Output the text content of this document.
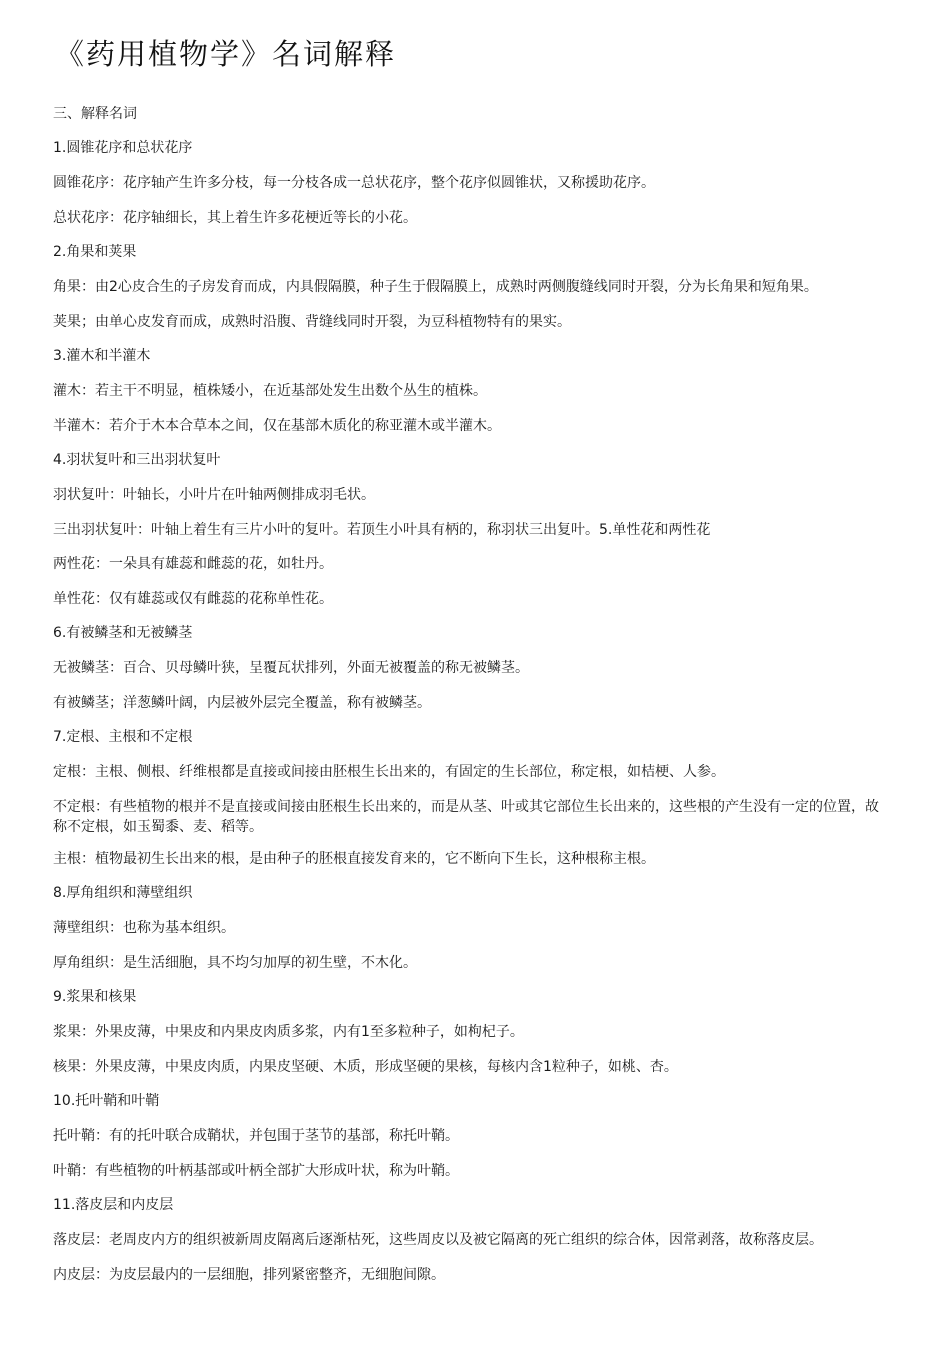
《药用植物学》名词解释

三、解释名词

1.圆锥花序和总状花序

圆锥花序：花序轴产生许多分枝，每一分枝各成一总状花序，整个花序似圆锥状，又称援助花序。

总状花序：花序轴细长，其上着生许多花梗近等长的小花。

2.角果和荚果

角果：由2心皮合生的子房发育而成，内具假隔膜，种子生于假隔膜上，成熟时两侧腹缝线同时开裂，分为长角果和短角果。

荚果；由单心皮发育而成，成熟时沿腹、背缝线同时开裂，为豆科植物特有的果实。

3.灌木和半灌木

灌木：若主干不明显，植株矮小，在近基部处发生出数个丛生的植株。

半灌木：若介于木本合草本之间，仅在基部木质化的称亚灌木或半灌木。

4.羽状复叶和三出羽状复叶

羽状复叶：叶轴长，小叶片在叶轴两侧排成羽毛状。

三出羽状复叶：叶轴上着生有三片小叶的复叶。若顶生小叶具有柄的，称羽状三出复叶。5.单性花和两性花

两性花：一朵具有雄蕊和雌蕊的花，如牡丹。

单性花：仅有雄蕊或仅有雌蕊的花称单性花。

6.有被鳞茎和无被鳞茎

无被鳞茎：百合、贝母鳞叶狭，呈覆瓦状排列，外面无被覆盖的称无被鳞茎。

有被鳞茎；洋葱鳞叶阔，内层被外层完全覆盖，称有被鳞茎。

7.定根、主根和不定根

定根：主根、侧根、纤维根都是直接或间接由胚根生长出来的，有固定的生长部位，称定根，如桔梗、人参。

不定根：有些植物的根并不是直接或间接由胚根生长出来的，而是从茎、叶或其它部位生长出来的，这些根的产生没有一定的位置，故称不定根，如玉蜀黍、麦、稻等。

主根：植物最初生长出来的根，是由种子的胚根直接发育来的，它不断向下生长，这种根称主根。

8.厚角组织和薄壁组织

薄壁组织：也称为基本组织。

厚角组织：是生活细胞，具不均匀加厚的初生壁，不木化。

9.浆果和核果

浆果：外果皮薄，中果皮和内果皮肉质多浆，内有1至多粒种子，如枸杞子。

核果：外果皮薄，中果皮肉质，内果皮坚硬、木质，形成坚硬的果核，每核内含1粒种子，如桃、杏。

10.托叶鞘和叶鞘

托叶鞘：有的托叶联合成鞘状，并包围于茎节的基部，称托叶鞘。

叶鞘：有些植物的叶柄基部或叶柄全部扩大形成叶状，称为叶鞘。

11.落皮层和内皮层

落皮层：老周皮内方的组织被新周皮隔离后逐渐枯死，这些周皮以及被它隔离的死亡组织的综合体，因常剥落，故称落皮层。

内皮层：为皮层最内的一层细胞，排列紧密整齐，无细胞间隙。
